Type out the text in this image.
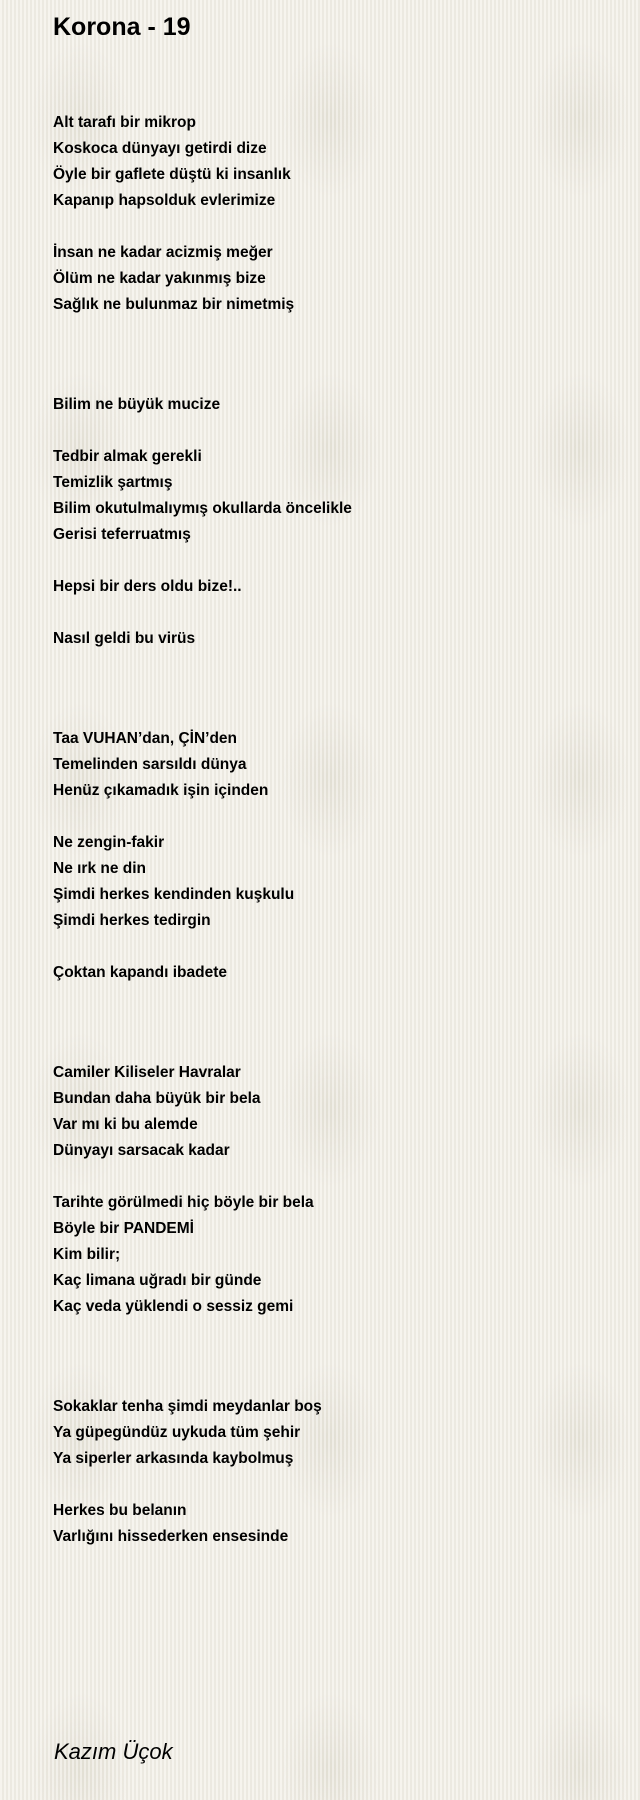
Korona - 19
Alt tarafı bir mikrop
Koskoca dünyayı getirdi dize
Öyle bir gaflete düştü ki insanlık
Kapanıp hapsolduk evlerimize
İnsan ne kadar acizmiş meğer
Ölüm ne kadar yakınmış bize
Sağlık ne bulunmaz bir nimetmiş
Bilim ne büyük mucize
Tedbir almak gerekli
Temizlik şartmış
Bilim okutulmalıymış okullarda öncelikle
Gerisi teferruatmış
Hepsi bir ders oldu bize!..
Nasıl geldi bu virüs
Taa VUHAN’dan, ÇİN’den
Temelinden sarsıldı dünya
Henüz çıkamadık işin içinden
Ne zengin-fakir
Ne ırk ne din
Şimdi herkes kendinden kuşkulu
Şimdi herkes tedirgin
Çoktan kapandı ibadete
Camiler Kiliseler Havralar
Bundan daha büyük bir bela
Var mı ki bu alemde
Dünyayı sarsacak kadar
Tarihte görülmedi hiç böyle bir bela
Böyle bir PANDEMİ
Kim bilir;
Kaç limana uğradı bir günde
Kaç veda yüklendi o sessiz gemi
Sokaklar tenha şimdi meydanlar boş
Ya güpegündüz uykuda tüm şehir
Ya siperler arkasında kaybolmuş
Herkes bu belanın
Varlığını hissederken ensesinde
Kazım Üçok
